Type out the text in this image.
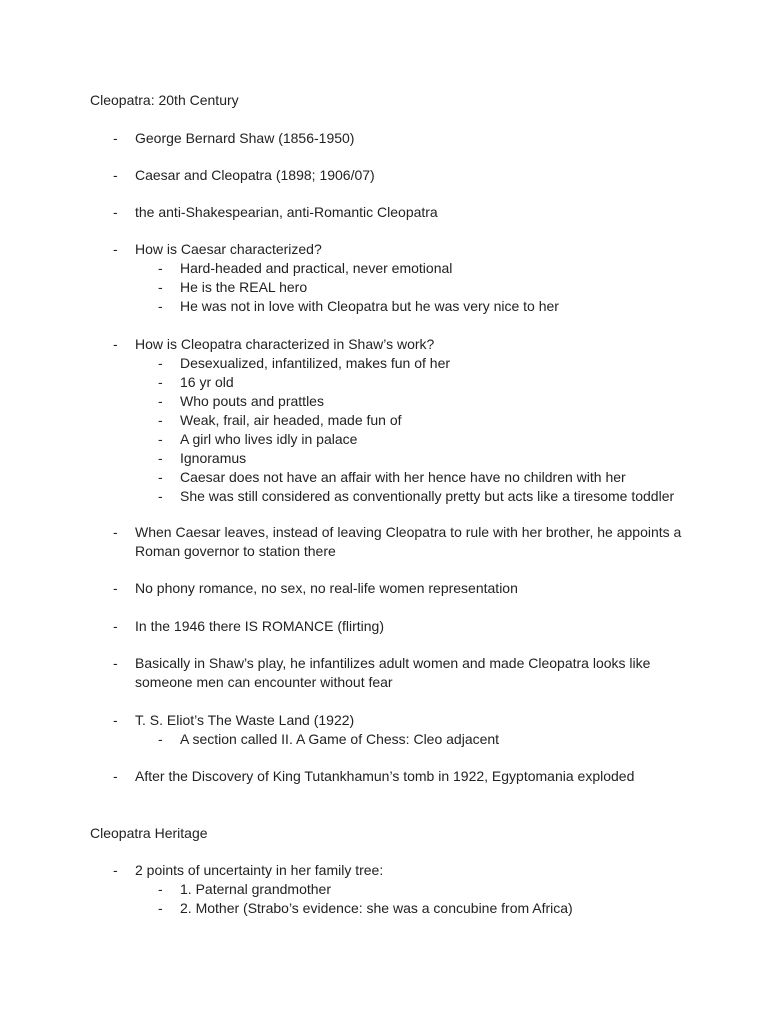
Cleopatra: 20th Century
- George Bernard Shaw (1856-1950)
- Caesar and Cleopatra (1898; 1906/07)
- the anti-Shakespearian, anti-Romantic Cleopatra
- How is Caesar characterized?
- Hard-headed and practical, never emotional
- He is the REAL hero
- He was not in love with Cleopatra but he was very nice to her
- How is Cleopatra characterized in Shaw’s work?
- Desexualized, infantilized, makes fun of her
- 16 yr old
- Who pouts and prattles
- Weak, frail, air headed, made fun of
- A girl who lives idly in palace
- Ignoramus
- Caesar does not have an affair with her hence have no children with her
- She was still considered as conventionally pretty but acts like a tiresome toddler
- When Caesar leaves, instead of leaving Cleopatra to rule with her brother, he appoints a Roman governor to station there
- No phony romance, no sex, no real-life women representation
- In the 1946 there IS ROMANCE (flirting)
- Basically in Shaw’s play, he infantilizes adult women and made Cleopatra looks like someone men can encounter without fear
- T. S. Eliot’s The Waste Land (1922)
- A section called II. A Game of Chess: Cleo adjacent
- After the Discovery of King Tutankhamun’s tomb in 1922, Egyptomania exploded
Cleopatra Heritage
- 2 points of uncertainty in her family tree:
- 1. Paternal grandmother
- 2. Mother (Strabo’s evidence: she was a concubine from Africa)
